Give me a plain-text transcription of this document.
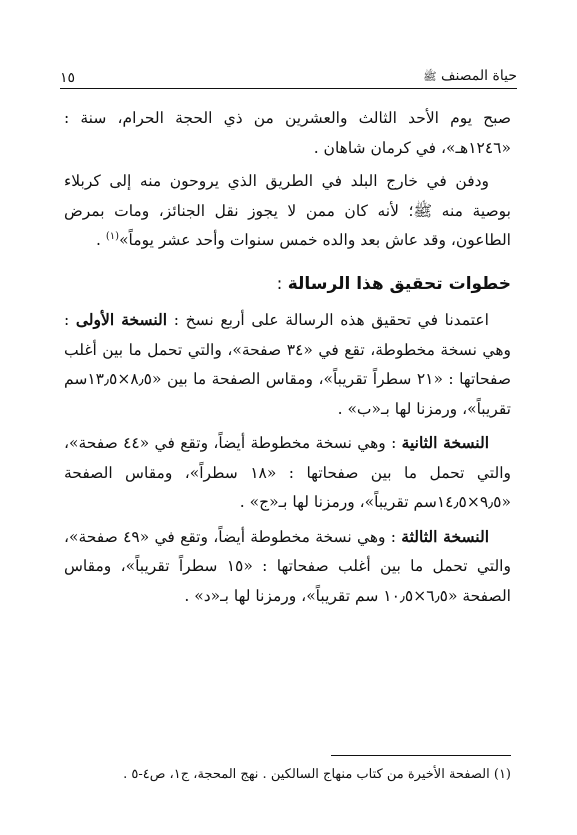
حياة المصنف ﷺ
١٥

صبح يوم الأحد الثالث والعشرين من ذي الحجة الحرام، سنة : «١٢٤٦هـ»، في كرمان شاهان .

ودفن في خارج البلد في الطريق الذي يروحون منه إلى كربلاء بوصية منه ﷺ؛ لأنه كان ممن لا يجوز نقل الجنائز، ومات بمرض الطاعون، وقد عاش بعد والده خمس سنوات وأحد عشر يوماً»$^{(١)}$ .

خطوات تحقيق هذا الرسالة :

اعتمدنا في تحقيق هذه الرسالة على أربع نسخ : النسخة الأولى : وهي نسخة مخطوطة، تقع في «٣٤ صفحة»، والتي تحمل ما بين أغلب صفحاتها : «٢١ سطراً تقريباً»، ومقاس الصفحة ما بين «٨٫٥×١٣٫٥سم تقريباً»، ورمزنا لها بـ«ب» .

النسخة الثانية : وهي نسخة مخطوطة أيضاً، وتقع في «٤٤ صفحة»، والتي تحمل ما بين صفحاتها : «١٨ سطراً»، ومقاس الصفحة «٩٫٥×١٤٫٥سم تقريباً»، ورمزنا لها بـ«ج» .

النسخة الثالثة : وهي نسخة مخطوطة أيضاً، وتقع في «٤٩ صفحة»، والتي تحمل ما بين أغلب صفحاتها : «١٥ سطراً تقريباً»، ومقاس الصفحة «٦٫٥×١٠٫٥ سم تقريباً»، ورمزنا لها بـ«د» .

(١) الصفحة الأخيرة من كتاب منهاج السالكين . نهج المحجة، ج١، ص٤-٥ .
